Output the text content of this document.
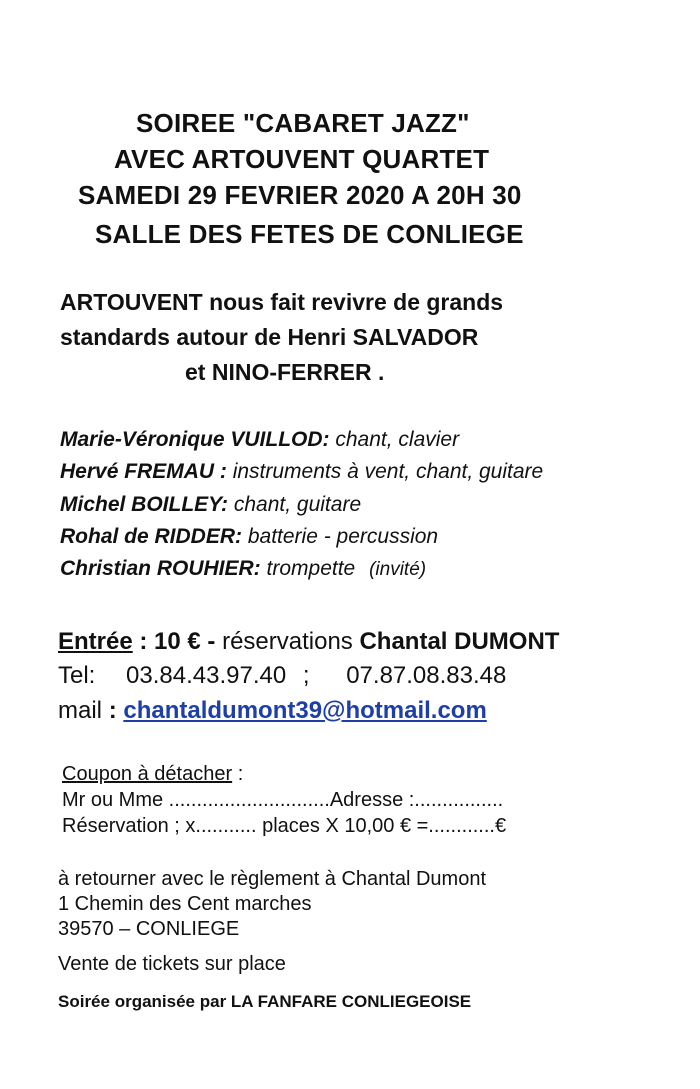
SOIREE "CABARET JAZZ"
AVEC ARTOUVENT QUARTET
SAMEDI 29 FEVRIER 2020 A 20H 30
SALLE DES FETES DE CONLIEGE
ARTOUVENT nous fait revivre de grands
standards autour de Henri SALVADOR
et NINO-FERRER .
Marie-Véronique VUILLOD: chant, clavier
Hervé FREMAU : instruments à vent, chant, guitare
Michel BOILLEY: chant, guitare
Rohal de RIDDER: batterie - percussion
Christian ROUHIER: trompette (invité)
Entrée : 10 € - réservations Chantal DUMONT
Tel: 03.84.43.97.40 ; 07.87.08.83.48
mail : chantaldumont39@hotmail.com
Coupon à détacher :
Mr ou Mme .............................Adresse :................
Réservation ; x........... places X 10,00 € =............€
à retourner avec le règlement à Chantal Dumont
1 Chemin des Cent marches
39570 – CONLIEGE
Vente de tickets sur place
Soirée organisée par LA FANFARE CONLIEGEOISE
